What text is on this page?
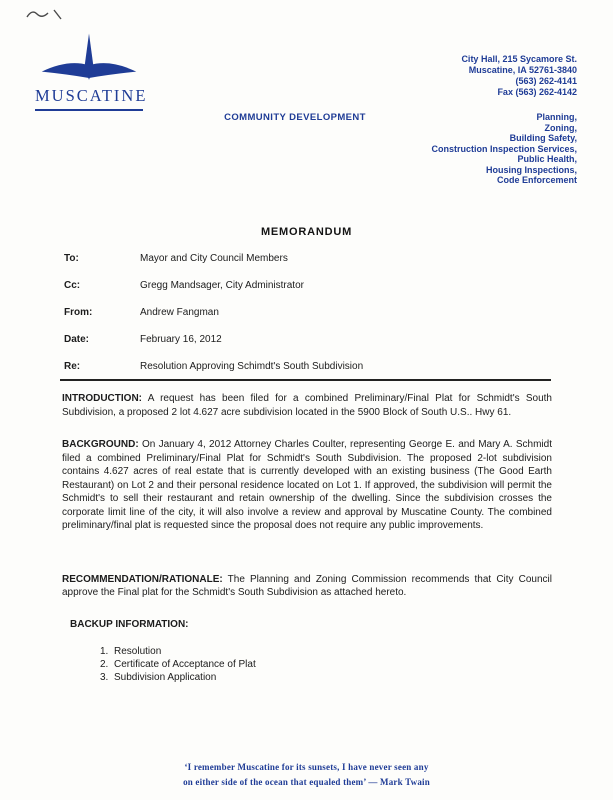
MUSCATINE
City Hall, 215 Sycamore St.
Muscatine, IA 52761-3840
(563) 262-4141
Fax (563) 262-4142
COMMUNITY DEVELOPMENT	Planning,
Zoning,
Building Safety,
Construction Inspection Services,
Public Health,
Housing Inspections,
Code Enforcement
MEMORANDUM
To:	Mayor and City Council Members
Cc:	Gregg Mandsager, City Administrator
From:	Andrew Fangman
Date:	February 16, 2012
Re:	Resolution Approving Schimdt's South Subdivision

INTRODUCTION: A request has been filed for a combined Preliminary/Final Plat for Schmidt's South Subdivision, a proposed 2 lot 4.627 acre subdivision located in the 5900 Block of South U.S.. Hwy 61.

BACKGROUND: On January 4, 2012 Attorney Charles Coulter, representing George E. and Mary A. Schmidt filed a combined Preliminary/Final Plat for Schmidt's South Subdivision. The proposed 2-lot subdivision contains 4.627 acres of real estate that is currently developed with an existing business (The Good Earth Restaurant) on Lot 2 and their personal residence located on Lot 1. If approved, the subdivision will permit the Schmidt's to sell their restaurant and retain ownership of the dwelling. Since the subdivision crosses the corporate limit line of the city, it will also involve a review and approval by Muscatine County. The combined preliminary/final plat is requested since the proposal does not require any public improvements.

RECOMMENDATION/RATIONALE: The Planning and Zoning Commission recommends that City Council approve the Final plat for the Schmidt's South Subdivision as attached hereto.

BACKUP INFORMATION:
1. Resolution
2. Certificate of Acceptance of Plat
3. Subdivision Application
‘I remember Muscatine for its sunsets, I have never seen any
on either side of the ocean that equaled them’ — Mark Twain
